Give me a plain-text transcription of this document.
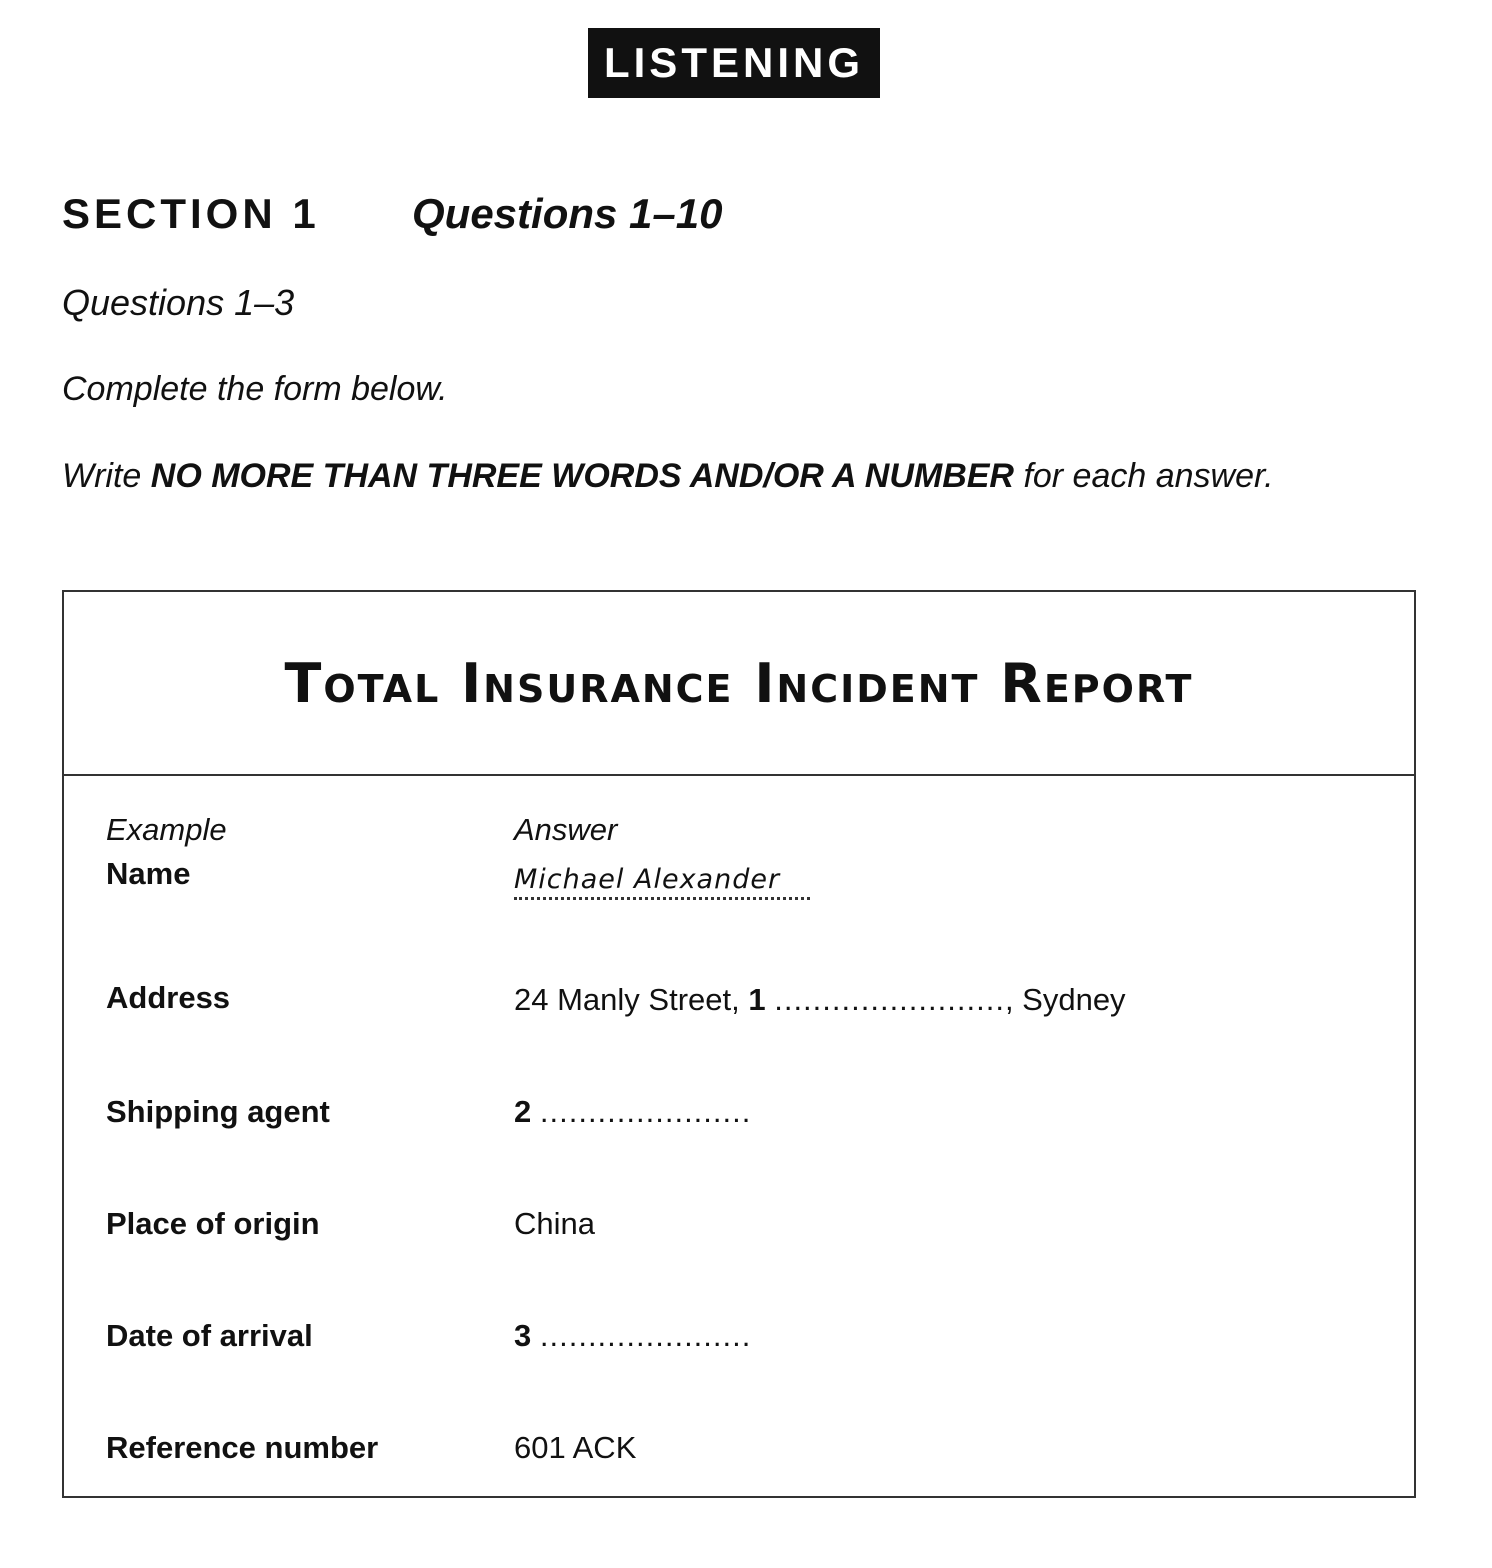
LISTENING
SECTION 1 Questions 1–10
Questions 1–3
Complete the form below.
Write NO MORE THAN THREE WORDS AND/OR A NUMBER for each answer.
Total Insurance Incident Report
Example	Answer
Name	Michael Alexander
Address	24 Manly Street, 1 ........................, Sydney
Shipping agent	2 ......................
Place of origin	China
Date of arrival	3 ......................
Reference number	601 ACK
